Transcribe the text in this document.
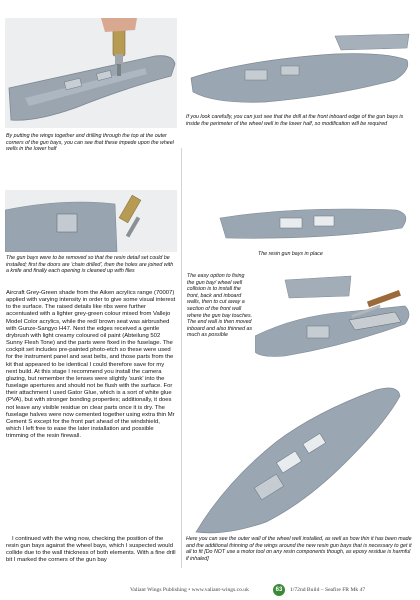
By putting the wings together and drilling through the top at the outer corners of the gun bays, you can see that these impede upon the wheel wells in the lower half
If you look carefully, you can just see that the drill at the front inboard edge of the gun bays is inside the perimeter of the wheel well in the lower half, so modification will be required
The gun bays were to be removed so that the resin detail set could be installed; first the doors are 'chain drilled', then the holes are joined with a knife and finally each opening is cleaned up with files
The resin gun bays in place

Aircraft Grey-Green shade from the Aiken acrylics range (70007) applied with varying intensity in order to give some visual interest to the surface. The raised details like ribs were further accentuated with a lighter grey-green colour mixed from Vallejo Model Color acrylics, while the red/ brown seat was airbrushed with Gunze-Sangyo H47. Next the edges received a gentle drybrush with light creamy coloured oil paint (Abteilung 502 Sunny Flesh Tone) and the parts were fixed in the fuselage. The cockpit set includes pre-painted photo-etch so these were used for the instrument panel and seat belts, and those parts from the kit that appeared to be identical I could therefore save for my next build. At this stage I recommend you install the camera glazing, but remember the lenses were slightly 'sunk' into the fuselage apertures and should not be flush with the surface. For their attachment I used Gator Glue, which is a sort of white glue (PVA), but with stronger bonding properties; additionally, it does not leave any visible residue on clear parts once it is dry. The fuselage halves were now cemented together using extra thin Mr Cement S except for the front part ahead of the windshield, which I left free to ease the later installation and possible trimming of the resin firewall.

I continued with the wing now, checking the position of the resin gun bays against the wheel bays, which I suspected would collide due to the wall thickness of both elements. With a fine drill bit I marked the corners of the gun bay

The easy option to fixing the gun bay/ wheel well collision is to install the front, back and inboard walls, then to cut away a section of the front wall where the gun bay touches. The end wall is then moved inboard and also thinned as much as possible
Here you can see the outer wall of the wheel well installed, as well as how thin it has been made and the additional thinning of the wings around the new resin gun bays that is necessary to get it all to fit [Do NOT use a motor tool on any resin components though, as epoxy residue is harmful if inhaled]
Valiant Wings Publishing • www.valiant-wings.co.uk	63	1/72nd Build – Seafire FR Mk 47
